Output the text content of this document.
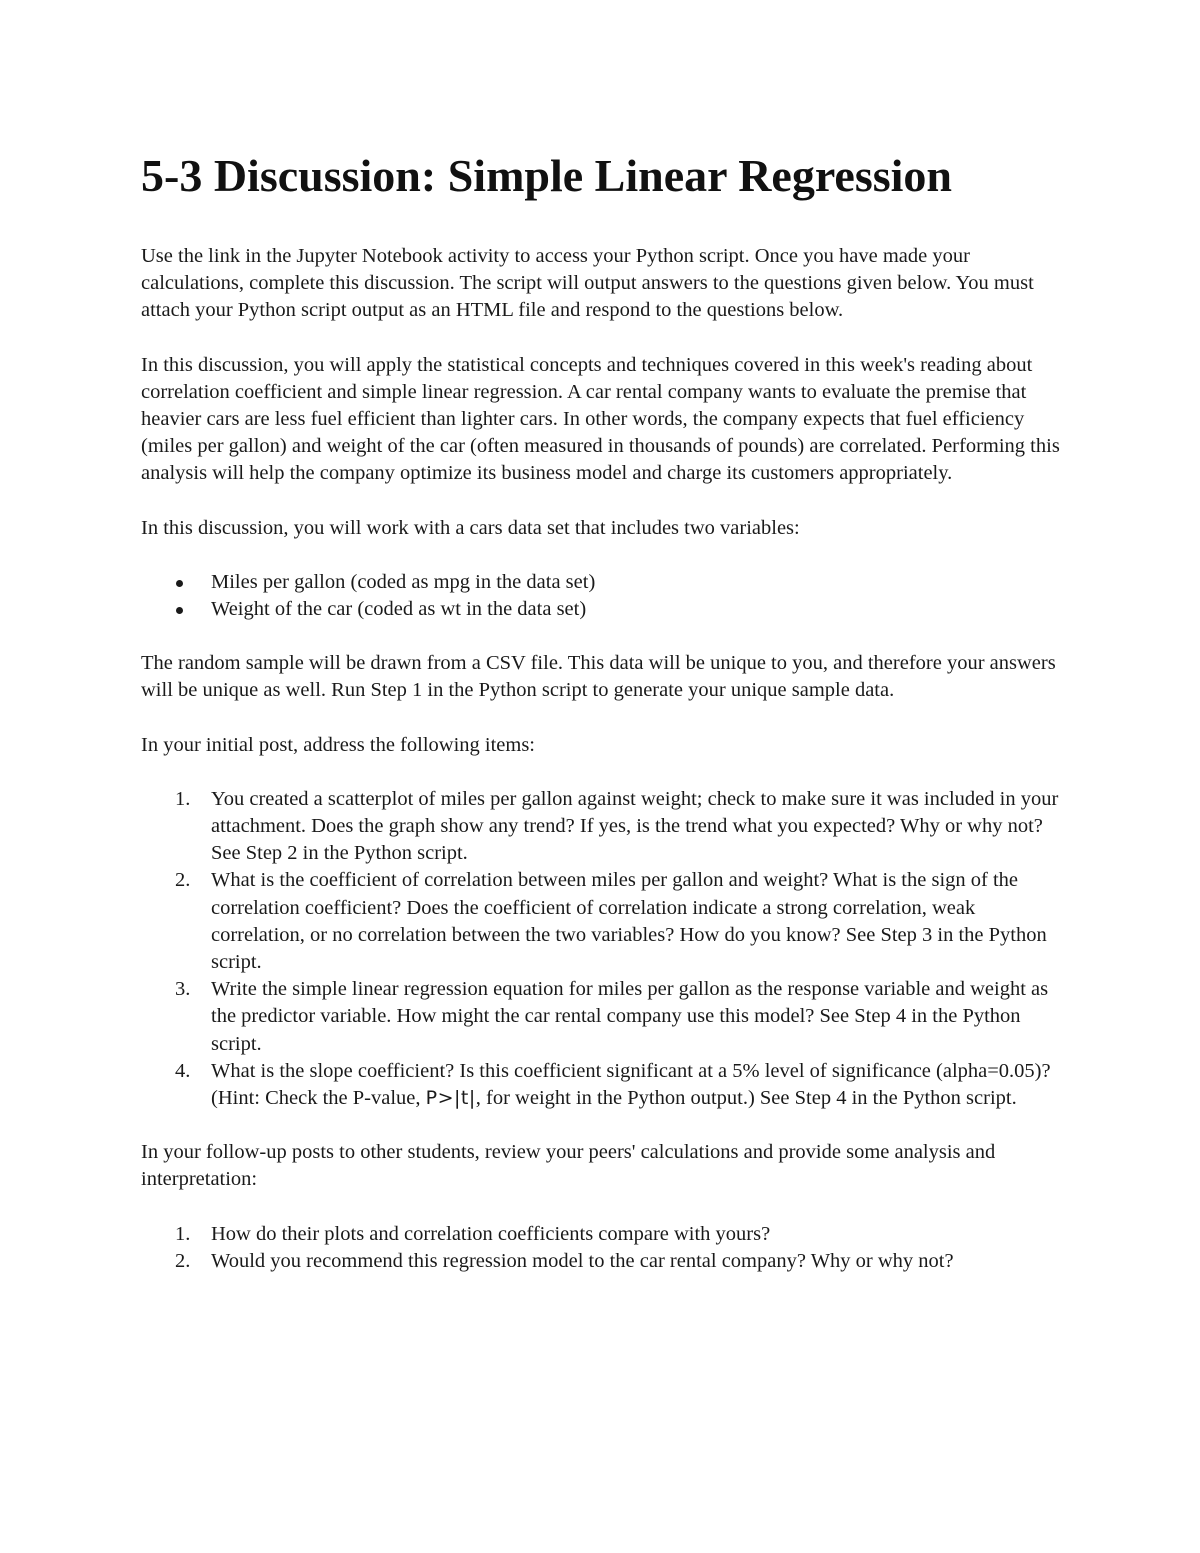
5-3 Discussion: Simple Linear Regression

Use the link in the Jupyter Notebook activity to access your Python script. Once you have made your calculations, complete this discussion. The script will output answers to the questions given below. You must attach your Python script output as an HTML file and respond to the questions below.

In this discussion, you will apply the statistical concepts and techniques covered in this week's reading about correlation coefficient and simple linear regression. A car rental company wants to evaluate the premise that heavier cars are less fuel efficient than lighter cars. In other words, the company expects that fuel efficiency (miles per gallon) and weight of the car (often measured in thousands of pounds) are correlated. Performing this analysis will help the company optimize its business model and charge its customers appropriately.

In this discussion, you will work with a cars data set that includes two variables:

Miles per gallon (coded as mpg in the data set)
Weight of the car (coded as wt in the data set)

The random sample will be drawn from a CSV file. This data will be unique to you, and therefore your answers will be unique as well. Run Step 1 in the Python script to generate your unique sample data.

In your initial post, address the following items:

1. You created a scatterplot of miles per gallon against weight; check to make sure it was included in your attachment. Does the graph show any trend? If yes, is the trend what you expected? Why or why not? See Step 2 in the Python script.
2. What is the coefficient of correlation between miles per gallon and weight? What is the sign of the correlation coefficient? Does the coefficient of correlation indicate a strong correlation, weak correlation, or no correlation between the two variables? How do you know? See Step 3 in the Python script.
3. Write the simple linear regression equation for miles per gallon as the response variable and weight as the predictor variable. How might the car rental company use this model? See Step 4 in the Python script.
4. What is the slope coefficient? Is this coefficient significant at a 5% level of significance (alpha=0.05)? (Hint: Check the P-value, P>|t|, for weight in the Python output.) See Step 4 in the Python script.

In your follow-up posts to other students, review your peers' calculations and provide some analysis and interpretation:

1. How do their plots and correlation coefficients compare with yours?
2. Would you recommend this regression model to the car rental company? Why or why not?
